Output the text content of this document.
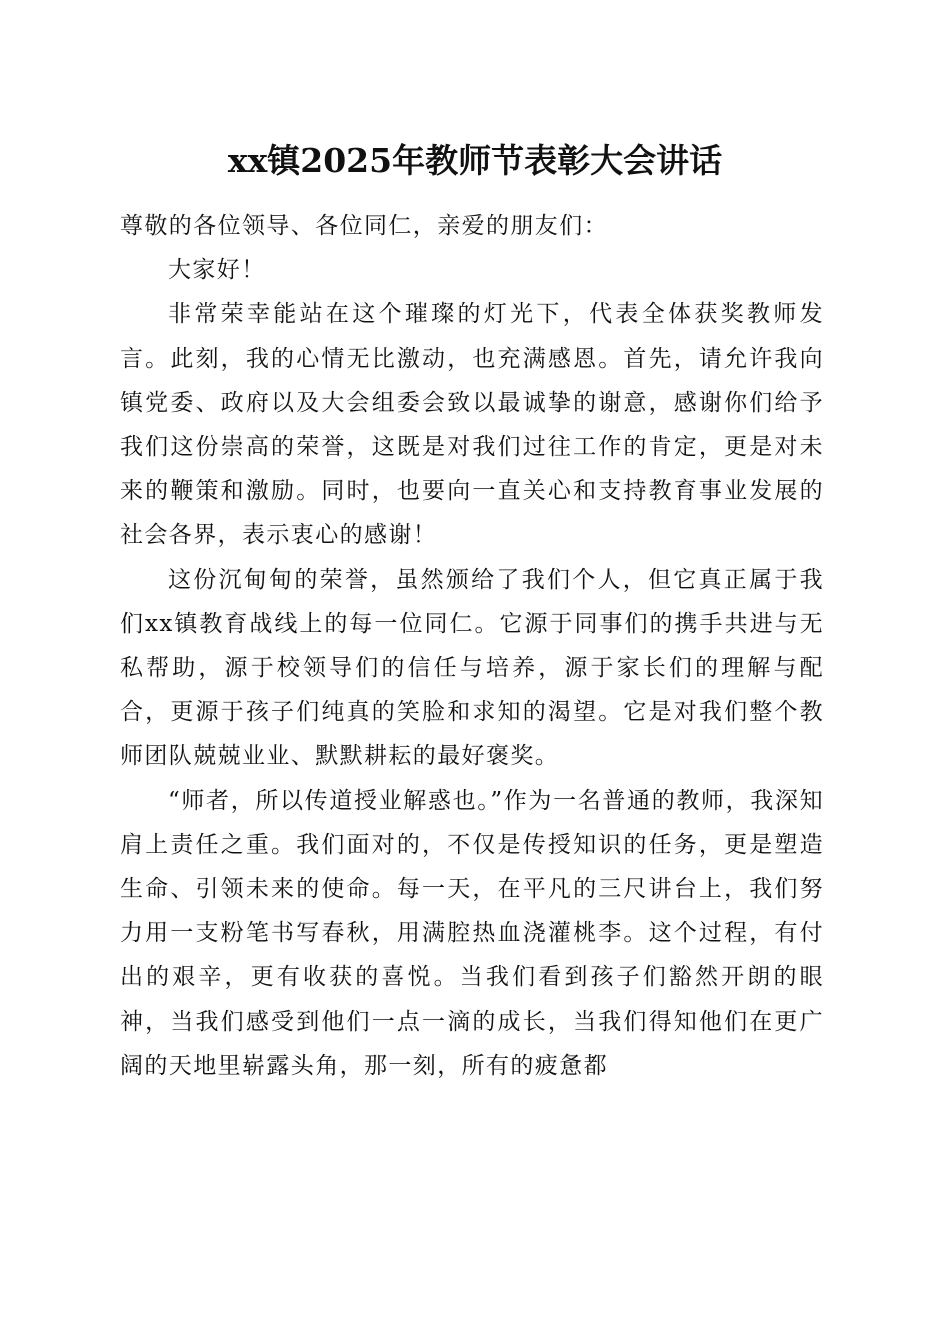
xx镇2025年教师节表彰大会讲话

尊敬的各位领导、各位同仁，亲爱的朋友们：

大家好！

非常荣幸能站在这个璀璨的灯光下，代表全体获奖教师发言。此刻，我的心情无比激动，也充满感恩。首先，请允许我向镇党委、政府以及大会组委会致以最诚挚的谢意，感谢你们给予我们这份崇高的荣誉，这既是对我们过往工作的肯定，更是对未来的鞭策和激励。同时，也要向一直关心和支持教育事业发展的社会各界，表示衷心的感谢！

这份沉甸甸的荣誉，虽然颁给了我们个人，但它真正属于我们xx镇教育战线上的每一位同仁。它源于同事们的携手共进与无私帮助，源于校领导们的信任与培养，源于家长们的理解与配合，更源于孩子们纯真的笑脸和求知的渴望。它是对我们整个教师团队兢兢业业、默默耕耘的最好褒奖。

“师者，所以传道授业解惑也。”作为一名普通的教师，我深知肩上责任之重。我们面对的，不仅是传授知识的任务，更是塑造生命、引领未来的使命。每一天，在平凡的三尺讲台上，我们努力用一支粉笔书写春秋，用满腔热血浇灌桃李。这个过程，有付出的艰辛，更有收获的喜悦。当我们看到孩子们豁然开朗的眼神，当我们感受到他们一点一滴的成长，当我们得知他们在更广阔的天地里崭露头角，那一刻，所有的疲惫都
